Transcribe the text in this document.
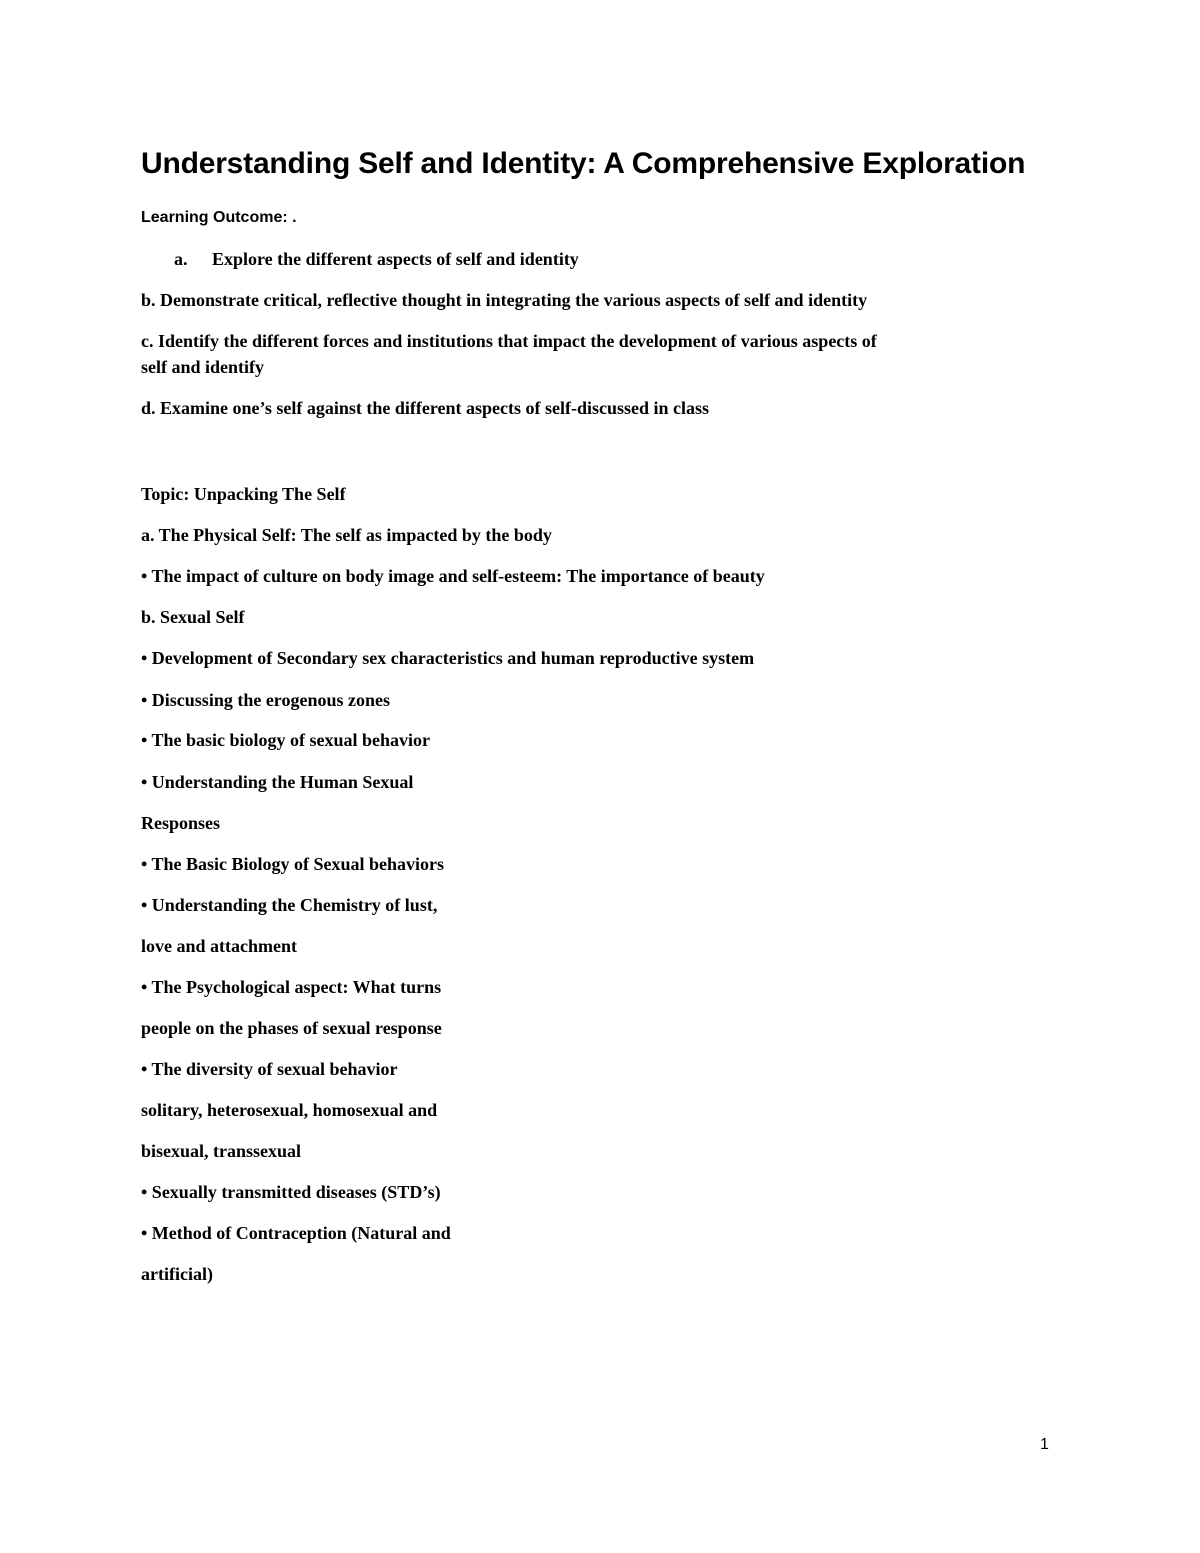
Understanding Self and Identity: A Comprehensive Exploration
Learning Outcome: .
a. Explore the different aspects of self and identity
b. Demonstrate critical, reflective thought in integrating the various aspects of self and identity
c. Identify the different forces and institutions that impact the development of various aspects of
self and identify
d. Examine one’s self against the different aspects of self-discussed in class
Topic: Unpacking The Self
a. The Physical Self: The self as impacted by the body
• The impact of culture on body image and self-esteem: The importance of beauty
b. Sexual Self
• Development of Secondary sex characteristics and human reproductive system
• Discussing the erogenous zones
• The basic biology of sexual behavior
• Understanding the Human Sexual
Responses
• The Basic Biology of Sexual behaviors
• Understanding the Chemistry of lust,
love and attachment
• The Psychological aspect: What turns
people on the phases of sexual response
• The diversity of sexual behavior
solitary, heterosexual, homosexual and
bisexual, transsexual
• Sexually transmitted diseases (STD’s)
• Method of Contraception (Natural and
artificial)
1
